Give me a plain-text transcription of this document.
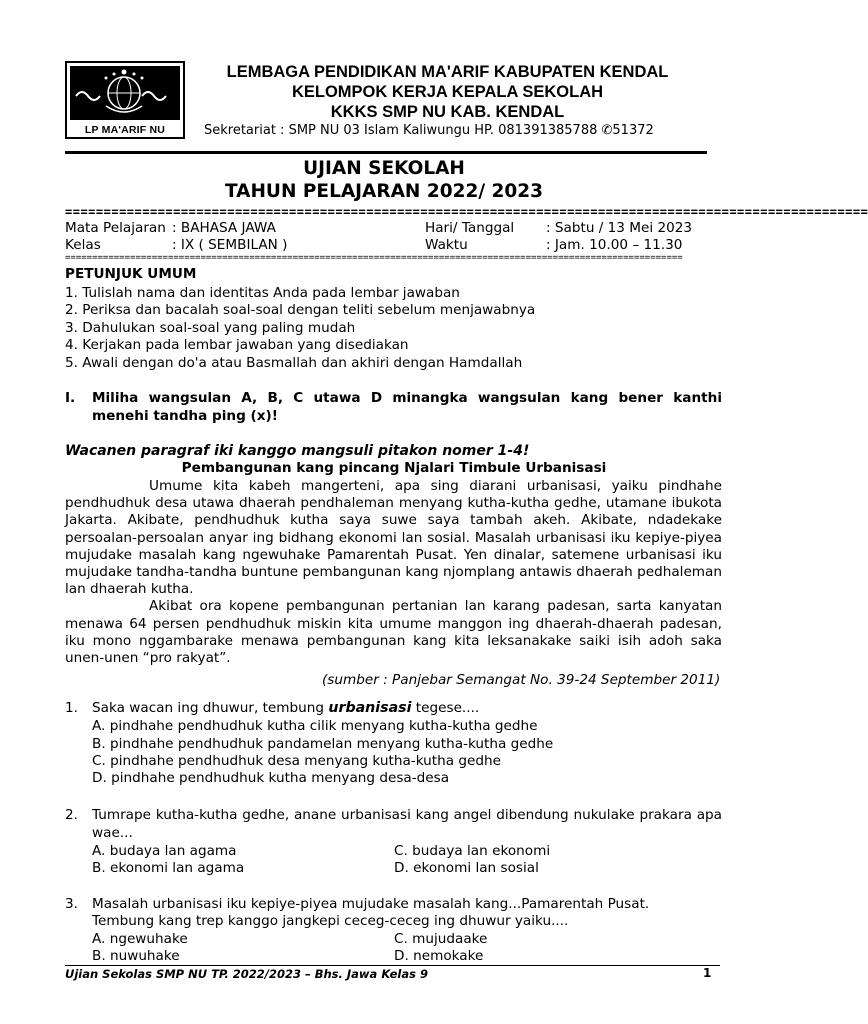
LP MA'ARIF NU
LEMBAGA PENDIDIKAN MA'ARIF KABUPATEN KENDAL
KELOMPOK KERJA KEPALA SEKOLAH
KKKS SMP NU KAB. KENDAL
Sekretariat : SMP NU 03 Islam Kaliwungu HP. 081391385788 ✆51372
UJIAN SEKOLAH
TAHUN PELAJARAN 2022/ 2023
========================================================================================================
Mata Pelajaran : BAHASA JAWA	Hari/ Tanggal : Sabtu / 13 Mei 2023
Kelas	: IX ( SEMBILAN )	Waktu	: Jam. 10.00 – 11.30
==================================================================================================================
PETUNJUK UMUM
1. Tulislah nama dan identitas Anda pada lembar jawaban
2. Periksa dan bacalah soal-soal dengan teliti sebelum menjawabnya
3. Dahulukan soal-soal yang paling mudah
4. Kerjakan pada lembar jawaban yang disediakan
5. Awali dengan do'a atau Basmallah dan akhiri dengan Hamdallah
I. Miliha wangsulan A, B, C utawa D minangka wangsulan kang bener kanthi
menehi tandha ping (x)!
Wacanen paragraf iki kanggo mangsuli pitakon nomer 1-4!
Pembangunan kang pincang Njalari Timbule Urbanisasi

Umume kita kabeh mangerteni, apa sing diarani urbanisasi, yaiku pindhahe pendhudhuk desa utawa dhaerah pendhaleman menyang kutha-kutha gedhe, utamane ibukota Jakarta. Akibate, pendhudhuk kutha saya suwe saya tambah akeh. Akibate, ndadekake persoalan-persoalan anyar ing bidhang ekonomi lan sosial. Masalah urbanisasi iku kepiye-piyea mujudake masalah kang ngewuhake Pamarentah Pusat. Yen dinalar, satemene urbanisasi iku mujudake tandha-tandha buntune pembangunan kang njomplang antawis dhaerah pedhaleman lan dhaerah kutha.

Akibat ora kopene pembangunan pertanian lan karang padesan, sarta kanyatan menawa 64 persen pendhudhuk miskin kita umume manggon ing dhaerah-dhaerah padesan, iku mono nggambarake menawa pembangunan kang kita leksanakake saiki isih adoh saka unen-unen “pro rakyat”.

(sumber : Panjebar Semangat No. 39-24 September 2011)
1. Saka wacan ing dhuwur, tembung urbanisasi tegese....
A. pindhahe pendhudhuk kutha cilik menyang kutha-kutha gedhe
B. pindhahe pendhudhuk pandamelan menyang kutha-kutha gedhe
C. pindhahe pendhudhuk desa menyang kutha-kutha gedhe
D. pindhahe pendhudhuk kutha menyang desa-desa
2. Tumrape kutha-kutha gedhe, anane urbanisasi kang angel dibendung nukulake prakara apa
wae...
A. budaya lan agama
B. ekonomi lan agama
C. budaya lan ekonomi
D. ekonomi lan sosial
3. Masalah urbanisasi iku kepiye-piyea mujudake masalah kang...Pamarentah Pusat.
Tembung kang trep kanggo jangkepi ceceg-ceceg ing dhuwur yaiku....
A. ngewuhake
B. nuwuhake
C. mujudaake
D. nemokake
Ujian Sekolas SMP NU TP. 2022/2023 – Bhs. Jawa Kelas 9	1
